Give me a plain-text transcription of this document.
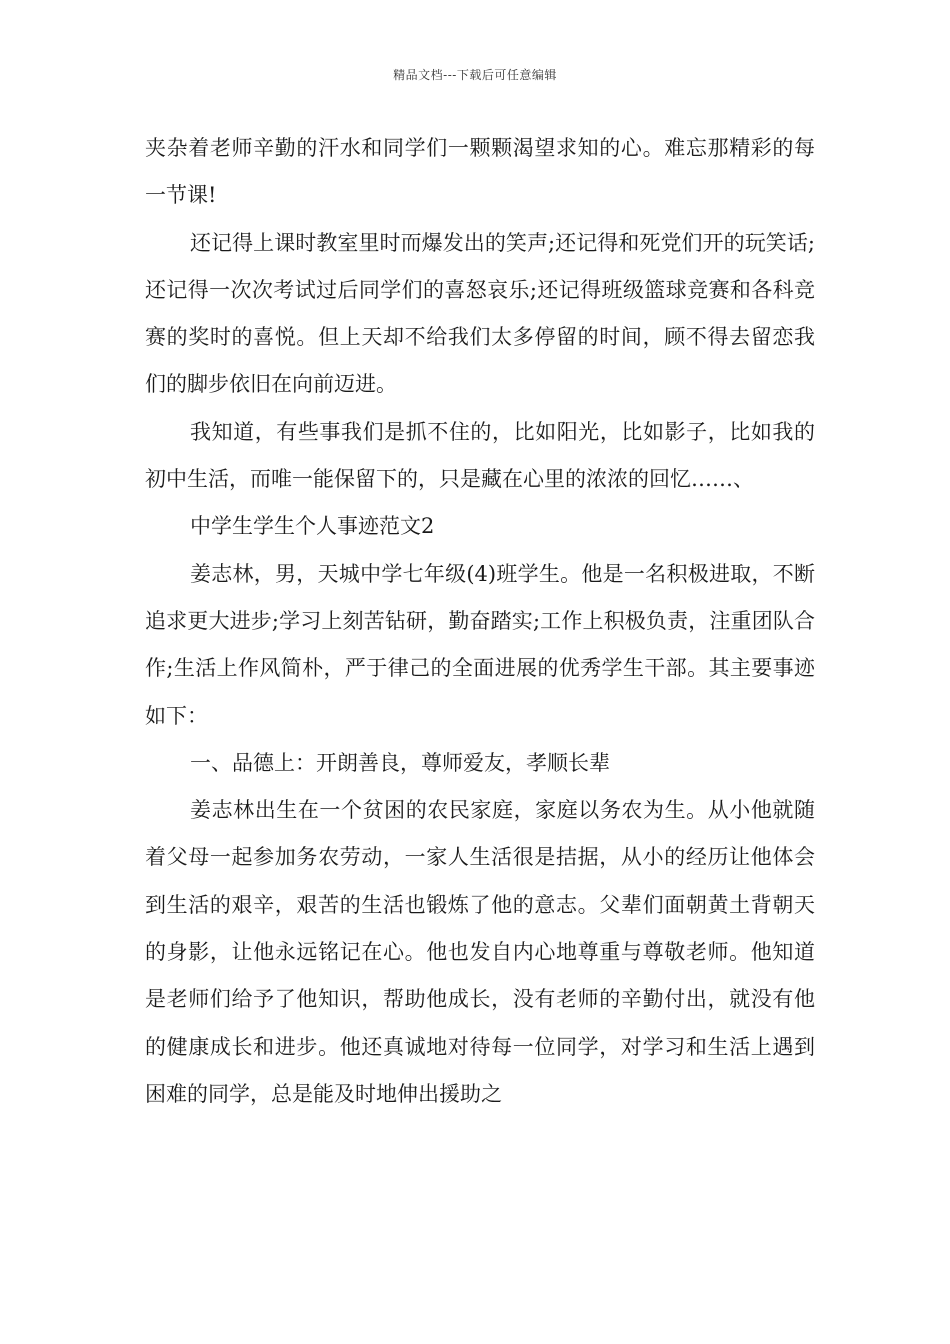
精品文档---下载后可任意编辑

夹杂着老师辛勤的汗水和同学们一颗颗渴望求知的心。难忘那精彩的每一节课!

还记得上课时教室里时而爆发出的笑声;还记得和死党们开的玩笑话;还记得一次次考试过后同学们的喜怒哀乐;还记得班级篮球竞赛和各科竞赛的奖时的喜悦。但上天却不给我们太多停留的时间，顾不得去留恋我们的脚步依旧在向前迈进。

我知道，有些事我们是抓不住的，比如阳光，比如影子，比如我的初中生活，而唯一能保留下的，只是藏在心里的浓浓的回忆……、

中学生学生个人事迹范文2

姜志林，男，天城中学七年级(4)班学生。他是一名积极进取，不断追求更大进步;学习上刻苦钻研，勤奋踏实;工作上积极负责，注重团队合作;生活上作风简朴，严于律己的全面进展的优秀学生干部。其主要事迹如下：

一、品德上：开朗善良，尊师爱友，孝顺长辈

姜志林出生在一个贫困的农民家庭，家庭以务农为生。从小他就随着父母一起参加务农劳动，一家人生活很是拮据，从小的经历让他体会到生活的艰辛，艰苦的生活也锻炼了他的意志。父辈们面朝黄土背朝天的身影，让他永远铭记在心。他也发自内心地尊重与尊敬老师。他知道是老师们给予了他知识，帮助他成长，没有老师的辛勤付出，就没有他的健康成长和进步。他还真诚地对待每一位同学，对学习和生活上遇到困难的同学，总是能及时地伸出援助之
